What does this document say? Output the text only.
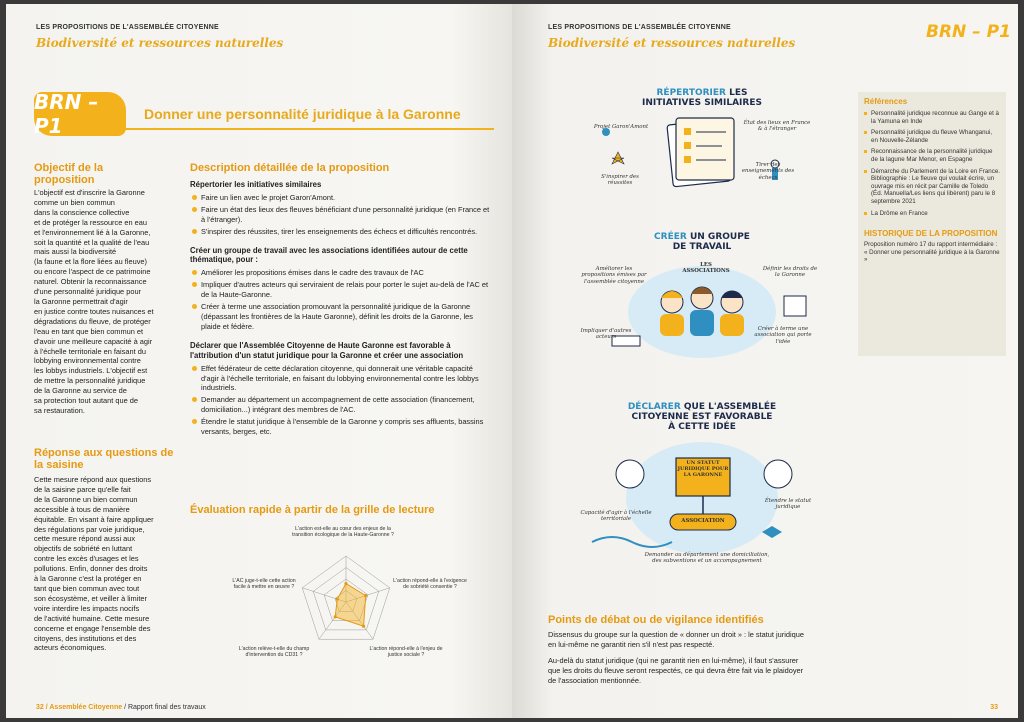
LES PROPOSITIONS DE L'ASSEMBLÉE CITOYENNE
Biodiversité et ressources naturelles
BRN – P1	Donner une personnalité juridique à la Garonne
Objectif de la proposition
L'objectif est d'inscrire la Garonne
comme un bien commun
dans la conscience collective
et de protéger la ressource en eau
et l'environnement lié à la Garonne,
soit la quantité et la qualité de l'eau
mais aussi la biodiversité
(la faune et la flore liées au fleuve)
ou encore l'aspect de ce patrimoine
naturel. Obtenir la reconnaissance
d'une personnalité juridique pour
la Garonne permettrait d'agir
en justice contre toutes nuisances et
dégradations du fleuve, de protéger
l'eau en tant que bien commun et
d'avoir une meilleure capacité à agir
à l'échelle territoriale en faisant du
lobbying environnemental contre
les lobbys industriels. L'objectif est
de mettre la personnalité juridique
de la Garonne au service de
sa protection tout autant que de
sa restauration.
Réponse aux questions de la saisine
Cette mesure répond aux questions
de la saisine parce qu'elle fait
de la Garonne un bien commun
accessible à tous de manière
équitable. En visant à faire appliquer
des régulations par voie juridique,
cette mesure répond aussi aux
objectifs de sobriété en luttant
contre les excès d'usages et les
pollutions. Enfin, donner des droits
à la Garonne c'est la protéger en
tant que bien commun avec tout
son écosystème, et veiller à limiter
voire interdire les impacts nocifs
de l'activité humaine. Cette mesure
concerne et engage l'ensemble des
citoyens, des institutions et des
acteurs économiques.
Description détaillée de la proposition
Répertorier les initiatives similaires
Faire un lien avec le projet Garon'Amont.
Faire un état des lieux des fleuves bénéficiant d'une personnalité juridique (en France et à l'étranger).
S'inspirer des réussites, tirer les enseignements des échecs et difficultés rencontrés.
Créer un groupe de travail avec les associations identifiées autour de cette thématique, pour :
Améliorer les propositions émises dans le cadre des travaux de l'AC
Impliquer d'autres acteurs qui serviraient de relais pour porter le sujet au-delà de l'AC et de la Haute-Garonne.
Créer à terme une association promouvant la personnalité juridique de la Garonne (dépassant les frontières de la Haute Garonne), définit les droits de la Garonne, les plaide et fédère.
Déclarer que l'Assemblée Citoyenne de Haute Garonne est favorable à l'attribution d'un statut juridique pour la Garonne et créer une association
Effet fédérateur de cette déclaration citoyenne, qui donnerait une véritable capacité d'agir à l'échelle territoriale, en faisant du lobbying environnemental contre les lobbys industriels.
Demander au département un accompagnement de cette association (financement, domiciliation...) intégrant des membres de l'AC.
Étendre le statut juridique à l'ensemble de la Garonne y compris ses affluents, bassins versants, berges, etc.
Évaluation rapide à partir de la grille de lecture
L'action est-elle au cœur des enjeux de la transition écologique de la Haute-Garonne ?
L'action répond-elle à l'exigence de sobriété consentie ?
L'action répond-elle à l'enjeu de justice sociale ?
L'action relève-t-elle du champ d'intervention du CD31 ?
L'AC juge-t-elle cette action facile à mettre en œuvre ?
32 / Assemblée Citoyenne / Rapport final des travaux
LES PROPOSITIONS DE L'ASSEMBLÉE CITOYENNE
Biodiversité et ressources naturelles
BRN – P1
RÉPERTORIER LES
INITIATIVES SIMILAIRES
Projet Garon'Amont
État des lieux en France & à l'étranger
S'inspirer des réussites
Tirer des enseignements des échecs
CRÉER UN GROUPE
DE TRAVAIL
Améliorer les propositions émises par l'assemblée citoyenne
LES ASSOCIATIONS	Définir les droits de la Garonne
Impliquer d'autres acteurs
Créer à terme une association qui porte l'idée
DÉCLARER QUE L'ASSEMBLÉE
CITOYENNE EST FAVORABLE
À CETTE IDÉE
UN STATUT JURIDIQUE POUR LA GARONNE
ASSOCIATION
Étendre le statut juridique
Capacité d'agir à l'échelle territoriale
Demander au département une domiciliation, des subventions et un accompagnement
Références
Personnalité juridique reconnue au Gange et à la Yamuna en Inde
Personnalité juridique du fleuve Whanganui, en Nouvelle-Zélande
Reconnaissance de la personnalité juridique de la lagune Mar Menor, en Espagne
Démarche du Parlement de la Loire en France. Bibliographie : Le fleuve qui voulait écrire, un ouvrage mis en récit par Camille de Toledo (Éd. Manuella/Les liens qui libèrent) paru le 8 septembre 2021
La Drôme en France
HISTORIQUE DE LA PROPOSITION
Proposition numéro 17 du rapport intermédiaire : « Donner une personnalité juridique à la Garonne »
Points de débat ou de vigilance identifiés

Dissensus du groupe sur la question de « donner un droit » : le statut juridique en lui-même ne garantit rien s'il n'est pas respecté.

Au-delà du statut juridique (qui ne garantit rien en lui-même), il faut s'assurer que les droits du fleuve seront respectés, ce qui devra être fait via le plaidoyer de l'association mentionnée.

33
